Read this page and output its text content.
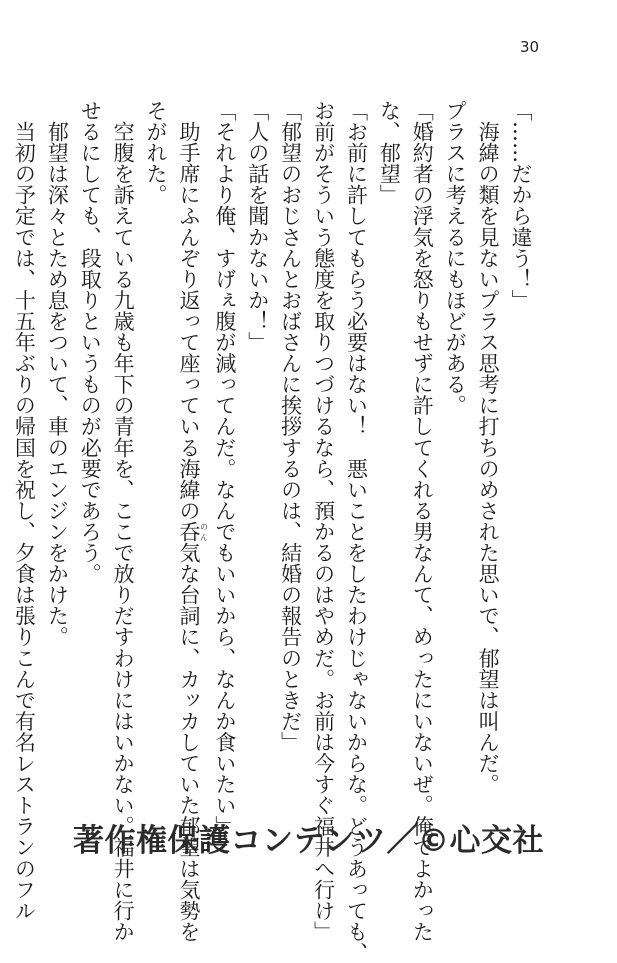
30
「……だから違う！」
　海緯の類を見ないプラス思考に打ちのめされた思いで、郁望は叫んだ。
プラスに考えるにもほどがある。
「婚約者の浮気を怒りもせずに許してくれる男なんて、めったにいないぜ。俺でよかった
な、郁望」
「お前に許してもらう必要はない！　悪いことをしたわけじゃないからな。どうあっても、
お前がそういう態度を取りつづけるなら、預かるのはやめだ。お前は今すぐ福井へ行け」
「郁望のおじさんとおばさんに挨拶するのは、結婚の報告のときだ」
「人の話を聞かないか！」
「それより俺、すげぇ腹が減ってんだ。なんでもいいから、なんか食いたい」
　助手席にふんぞり返って座っている海緯の呑のん気な台詞に、カッカしていた郁望は気勢を
そがれた。
　空腹を訴えている九歳も年下の青年を、ここで放りだすわけにはいかない。福井に行か
せるにしても、段取りというものが必要であろう。
　郁望は深々とため息をついて、車のエンジンをかけた。
　当初の予定では、十五年ぶりの帰国を祝し、夕食は張りこんで有名レストランのフル	著作権保護コンテンツ／©心交社
